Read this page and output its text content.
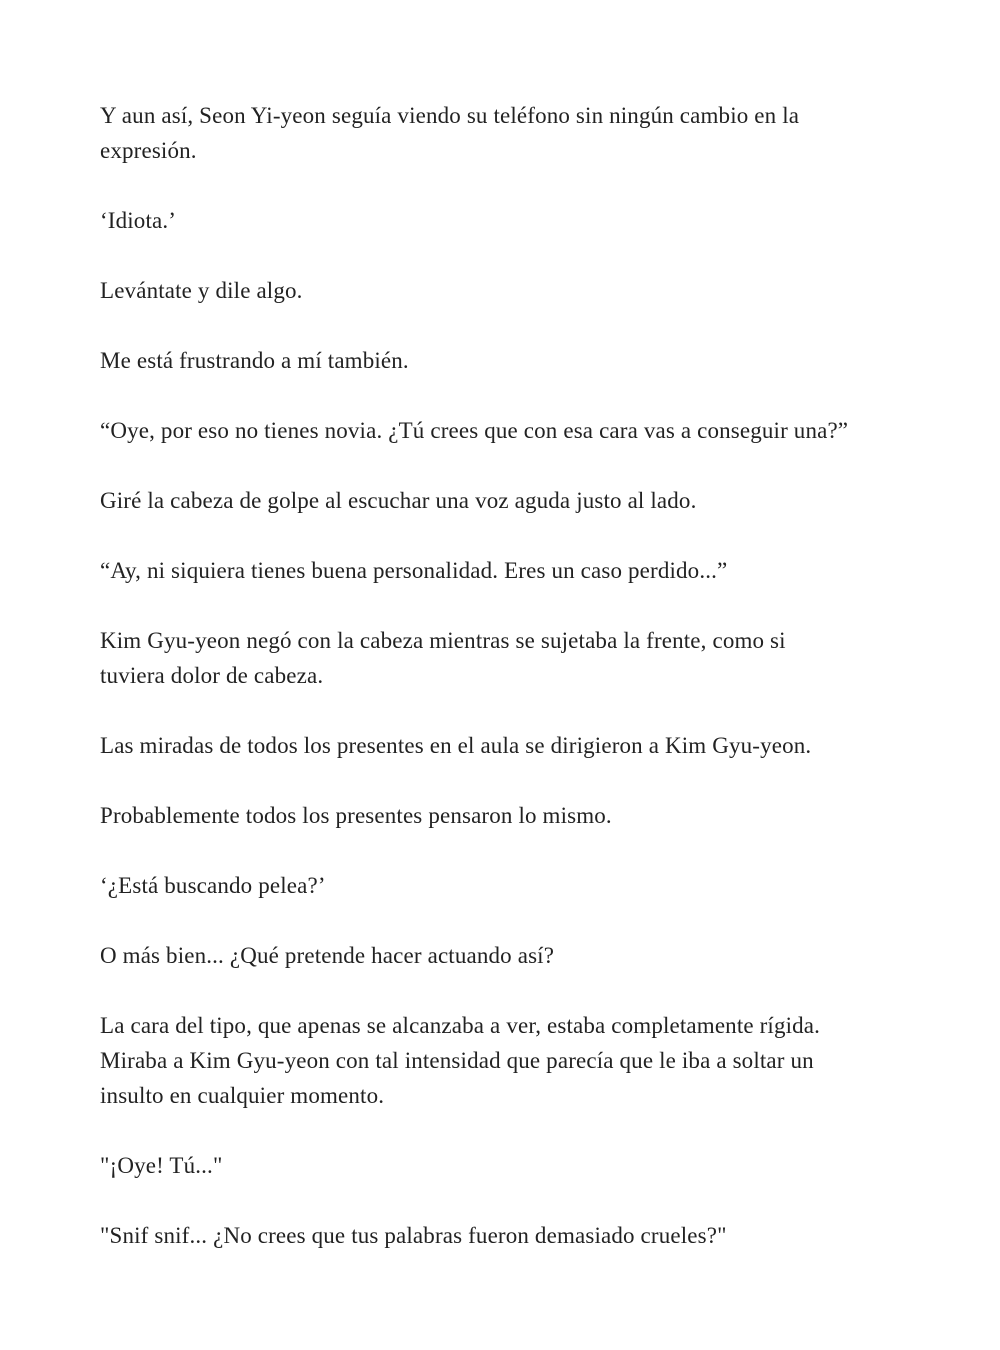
Y aun así, Seon Yi-yeon seguía viendo su teléfono sin ningún cambio en la
expresión.

‘Idiota.’

Levántate y dile algo.

Me está frustrando a mí también.

“Oye, por eso no tienes novia. ¿Tú crees que con esa cara vas a conseguir una?”

Giré la cabeza de golpe al escuchar una voz aguda justo al lado.

“Ay, ni siquiera tienes buena personalidad. Eres un caso perdido...”

Kim Gyu-yeon negó con la cabeza mientras se sujetaba la frente, como si
tuviera dolor de cabeza.

Las miradas de todos los presentes en el aula se dirigieron a Kim Gyu-yeon.

Probablemente todos los presentes pensaron lo mismo.

‘¿Está buscando pelea?’

O más bien... ¿Qué pretende hacer actuando así?

La cara del tipo, que apenas se alcanzaba a ver, estaba completamente rígida.
Miraba a Kim Gyu-yeon con tal intensidad que parecía que le iba a soltar un
insulto en cualquier momento.

"¡Oye! Tú..."

"Snif snif... ¿No crees que tus palabras fueron demasiado crueles?"
